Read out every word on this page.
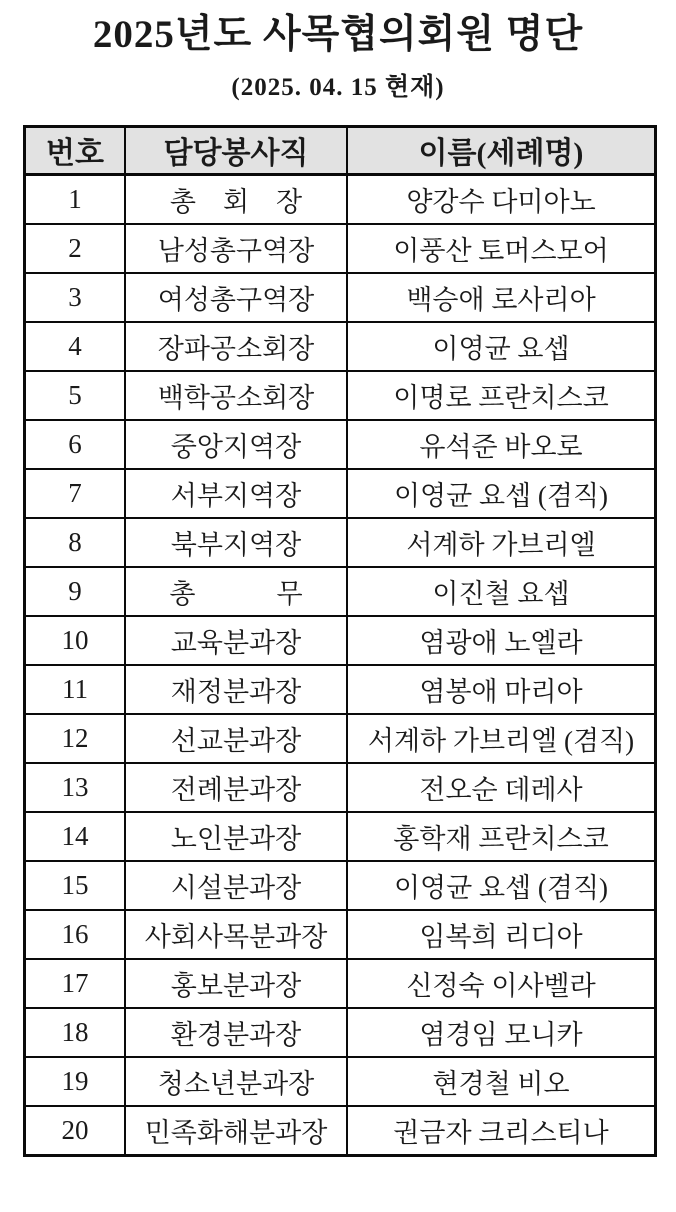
2025년도 사목협의회원 명단
(2025. 04. 15 현재)
번호	담당봉사직	이름(세례명)
1	총　회　장	양강수 다미아노
2	남성총구역장	이풍산 토머스모어
3	여성총구역장	백승애 로사리아
4	장파공소회장	이영균 요셉
5	백학공소회장	이명로 프란치스코
6	중앙지역장	유석준 바오로
7	서부지역장	이영균 요셉 (겸직)
8	북부지역장	서계하 가브리엘
9	총　　　무	이진철 요셉
10	교육분과장	염광애 노엘라
11	재정분과장	염봉애 마리아
12	선교분과장	서계하 가브리엘 (겸직)
13	전례분과장	전오순 데레사
14	노인분과장	홍학재 프란치스코
15	시설분과장	이영균 요셉 (겸직)
16	사회사목분과장	임복희 리디아
17	홍보분과장	신정숙 이사벨라
18	환경분과장	염경임 모니카
19	청소년분과장	현경철 비오
20	민족화해분과장	권금자 크리스티나
